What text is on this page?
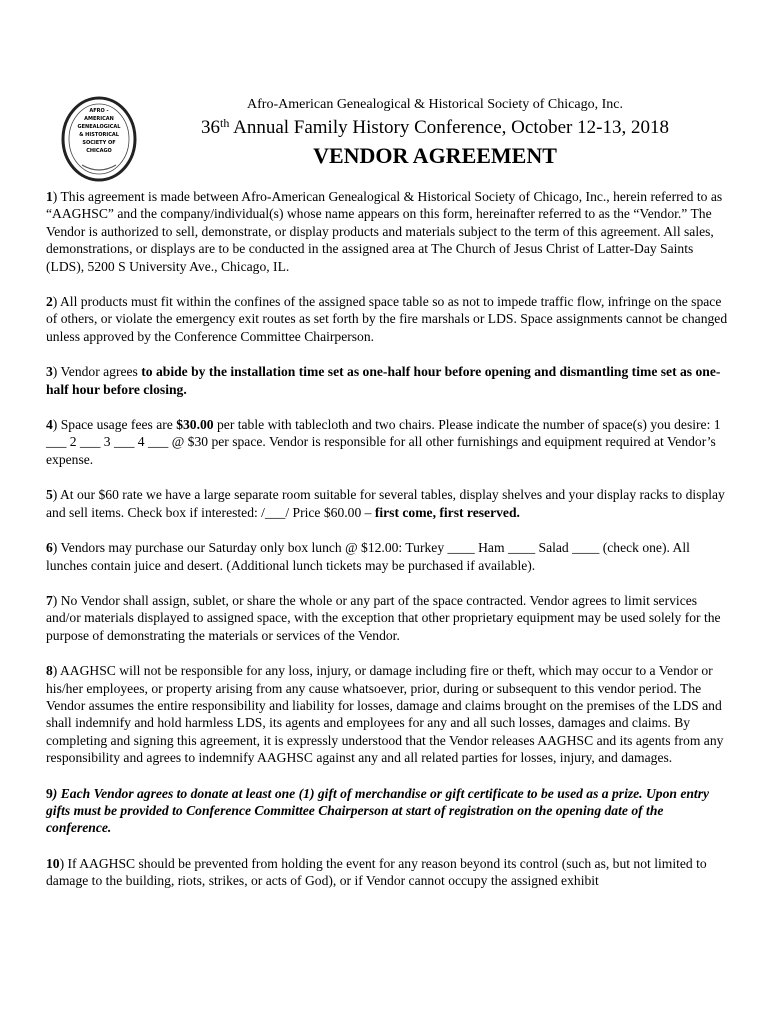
AFRO -
AMERICAN
GENEALOGICAL
& HISTORICAL
SOCIETY OF
CHICAGO
Afro-American Genealogical & Historical Society of Chicago, Inc.
36th Annual Family History Conference, October 12-13, 2018
VENDOR AGREEMENT

1) This agreement is made between Afro-American Genealogical & Historical Society of Chicago, Inc., herein referred to as “AAGHSC” and the company/individual(s) whose name appears on this form, hereinafter referred to as the “Vendor.” The Vendor is authorized to sell, demonstrate, or display products and materials subject to the term of this agreement. All sales, demonstrations, or displays are to be conducted in the assigned area at The Church of Jesus Christ of Latter-Day Saints (LDS), 5200 S University Ave., Chicago, IL.

2) All products must fit within the confines of the assigned space table so as not to impede traffic flow, infringe on the space of others, or violate the emergency exit routes as set forth by the fire marshals or LDS. Space assignments cannot be changed unless approved by the Conference Committee Chairperson.

3) Vendor agrees to abide by the installation time set as one-half hour before opening and dismantling time set as one-half hour before closing.

4) Space usage fees are $30.00 per table with tablecloth and two chairs. Please indicate the number of space(s) you desire: 1 ___ 2 ___ 3 ___ 4 ___ @ $30 per space. Vendor is responsible for all other furnishings and equipment required at Vendor’s expense.

5) At our $60 rate we have a large separate room suitable for several tables, display shelves and your display racks to display and sell items. Check box if interested: /___/ Price $60.00 – first come, first reserved.

6) Vendors may purchase our Saturday only box lunch @ $12.00: Turkey ____ Ham ____ Salad ____ (check one). All lunches contain juice and desert. (Additional lunch tickets may be purchased if available).

7) No Vendor shall assign, sublet, or share the whole or any part of the space contracted. Vendor agrees to limit services and/or materials displayed to assigned space, with the exception that other proprietary equipment may be used solely for the purpose of demonstrating the materials or services of the Vendor.

8) AAGHSC will not be responsible for any loss, injury, or damage including fire or theft, which may occur to a Vendor or his/her employees, or property arising from any cause whatsoever, prior, during or subsequent to this vendor period. The Vendor assumes the entire responsibility and liability for losses, damage and claims brought on the premises of the LDS and shall indemnify and hold harmless LDS, its agents and employees for any and all such losses, damages and claims. By completing and signing this agreement, it is expressly understood that the Vendor releases AAGHSC and its agents from any responsibility and agrees to indemnify AAGHSC against any and all related parties for losses, injury, and damages.

9) Each Vendor agrees to donate at least one (1) gift of merchandise or gift certificate to be used as a prize. Upon entry gifts must be provided to Conference Committee Chairperson at start of registration on the opening date of the conference.

10) If AAGHSC should be prevented from holding the event for any reason beyond its control (such as, but not limited to damage to the building, riots, strikes, or acts of God), or if Vendor cannot occupy the assigned exhibit
